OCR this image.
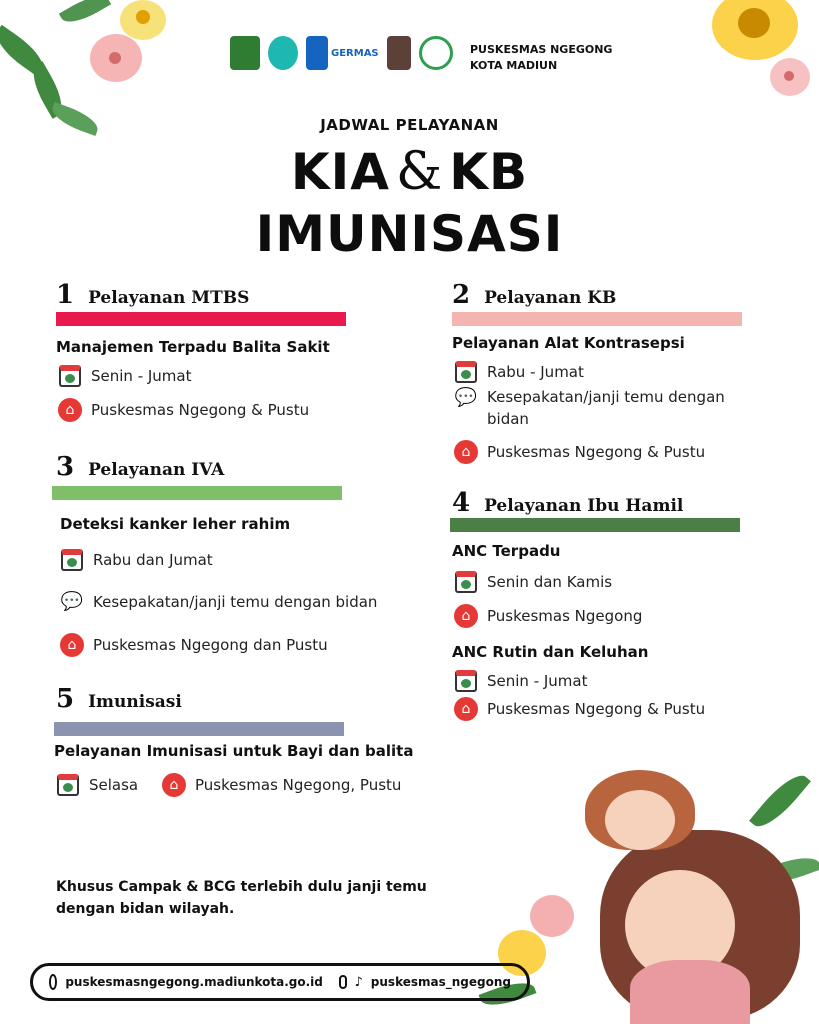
GERMAS	PUSKESMAS NGEGONG
KOTA MADIUN
JADWAL PELAYANAN
KIA & KB
IMUNISASI
1 Pelayanan MTBS
Manajemen Terpadu Balita Sakit
Senin - Jumat
⌂	Puskesmas Ngegong & Pustu
2 Pelayanan KB
Pelayanan Alat Kontrasepsi
Rabu - Jumat
💬 Kesepakatan/janji temu dengan bidan
⌂	Puskesmas Ngegong & Pustu
3 Pelayanan IVA
Deteksi kanker leher rahim
Rabu dan Jumat
💬 Kesepakatan/janji temu dengan bidan
⌂	Puskesmas Ngegong dan Pustu
4 Pelayanan Ibu Hamil
ANC Terpadu
Senin dan Kamis
⌂	Puskesmas Ngegong
ANC Rutin dan Keluhan
Senin - Jumat
⌂	Puskesmas Ngegong & Pustu
5 Imunisasi
Pelayanan Imunisasi untuk Bayi dan balita
Selasa	⌂	Puskesmas Ngegong, Pustu
Khusus Campak & BCG terlebih dulu janji temu
dengan bidan wilayah.
puskesmasngegong.madiunkota.go.id ♪ puskesmas_ngegong
